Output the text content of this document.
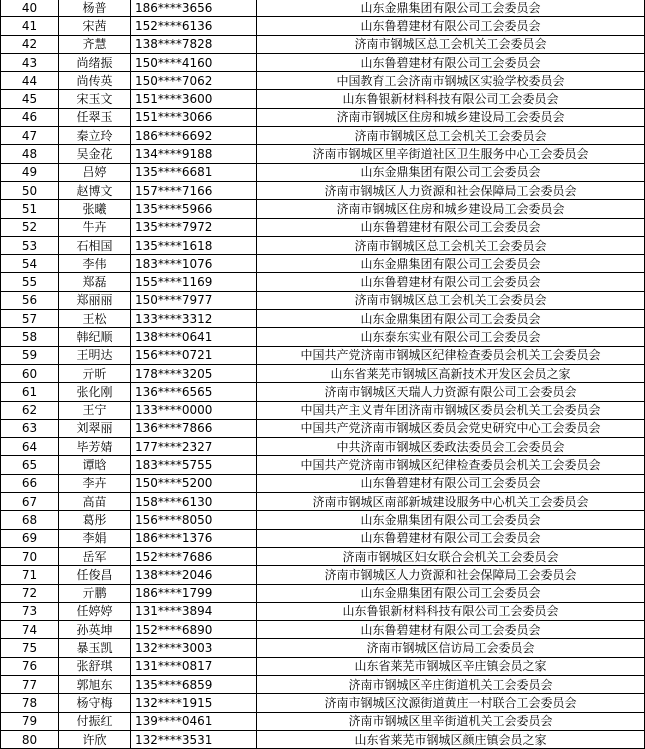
40	杨普	186****3656	山东金鼎集团有限公司工会委员会
41	宋茜	152****6136	山东鲁碧建材有限公司工会委员会
42	齐慧	138****7828	济南市钢城区总工会机关工会委员会
43	尚绪振	150****4160	山东鲁碧建材有限公司工会委员会
44	尚传英	150****7062	中国教育工会济南市钢城区实验学校委员会
45	宋玉文	151****3600	山东鲁银新材料科技有限公司工会委员会
46	任翠玉	151****3066	济南市钢城区住房和城乡建设局工会委员会
47	秦立玲	186****6692	济南市钢城区总工会机关工会委员会
48	吴金花	134****9188	济南市钢城区里辛街道社区卫生服务中心工会委员会
49	吕婷	135****6681	山东金鼎集团有限公司工会委员会
50	赵博文	157****7166	济南市钢城区人力资源和社会保障局工会委员会
51	张曦	135****5966	济南市钢城区住房和城乡建设局工会委员会
52	牛卉	135****7972	山东鲁碧建材有限公司工会委员会
53	石相国	135****1618	济南市钢城区总工会机关工会委员会
54	李伟	183****1076	山东金鼎集团有限公司工会委员会
55	郑磊	155****1169	山东鲁碧建材有限公司工会委员会
56	郑丽丽	150****7977	济南市钢城区总工会机关工会委员会
57	王松	133****3312	山东金鼎集团有限公司工会委员会
58	韩纪顺	138****0641	山东泰东实业有限公司工会委员会
59	王明达	156****0721	中国共产党济南市钢城区纪律检查委员会机关工会委员会
60	亓昕	178****3205	山东省莱芜市钢城区高新技术开发区会员之家
61	张化刚	136****6565	济南市钢城区天瑞人力资源有限公司工会委员会
62	王宁	133****0000	中国共产主义青年团济南市钢城区委员会机关工会委员会
63	刘翠丽	136****7866	中国共产党济南市钢城区委员会党史研究中心工会委员会
64	毕芳婧	177****2327	中共济南市钢城区委政法委员会工会委员会
65	谭晗	183****5755	中国共产党济南市钢城区纪律检查委员会机关工会委员会
66	李卉	150****5200	山东鲁碧建材有限公司工会委员会
67	高苗	158****6130	济南市钢城区南部新城建设服务中心机关工会委员会
68	葛彤	156****8050	山东金鼎集团有限公司工会委员会
69	李娟	186****1376	山东鲁碧建材有限公司工会委员会
70	岳军	152****7686	济南市钢城区妇女联合会机关工会委员会
71	任俊昌	138****2046	济南市钢城区人力资源和社会保障局工会委员会
72	亓鹏	186****1799	山东金鼎集团有限公司工会委员会
73	任婷婷	131****3894	山东鲁银新材料科技有限公司工会委员会
74	孙英坤	152****6890	山东鲁碧建材有限公司工会委员会
75	暴玉凯	132****3003	济南市钢城区信访局工会委员会
76	张舒琪	131****0817	山东省莱芜市钢城区辛庄镇会员之家
77	郭旭东	135****6859	济南市钢城区辛庄街道机关工会委员会
78	杨守梅	132****1915	济南市钢城区汶源街道黄庄一村联合工会委员会
79	付振红	139****0461	济南市钢城区里辛街道机关工会委员会
80	许欣	132****3531	山东省莱芜市钢城区颜庄镇会员之家
